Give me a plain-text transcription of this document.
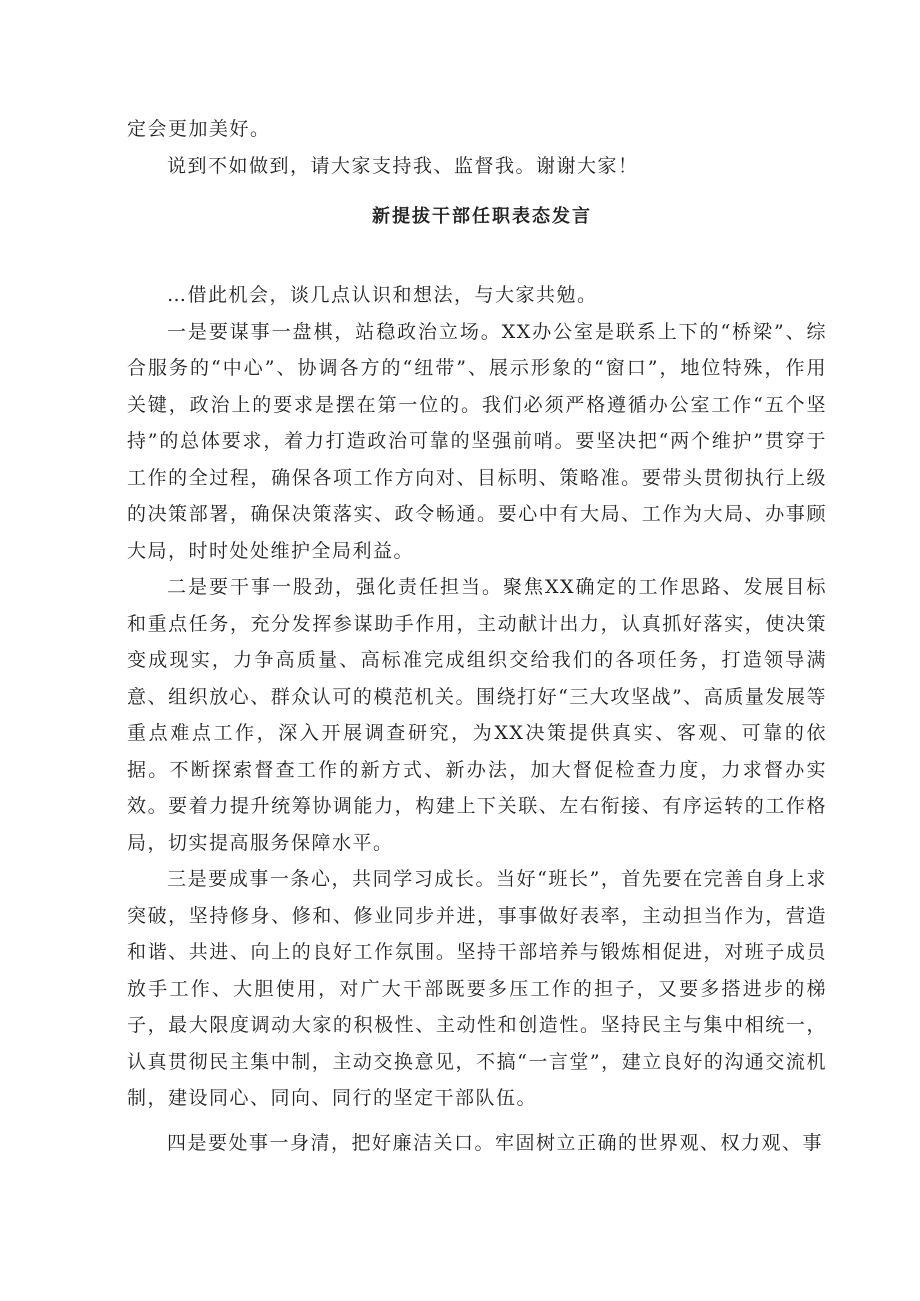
定会更加美好。

说到不如做到，请大家支持我、监督我。谢谢大家！

新提拔干部任职表态发言

…借此机会，谈几点认识和想法，与大家共勉。

一是要谋事一盘棋，站稳政治立场。XX办公室是联系上下的“桥梁”、综合服务的“中心”、协调各方的“纽带”、展示形象的“窗口”，地位特殊，作用关键，政治上的要求是摆在第一位的。我们必须严格遵循办公室工作“五个坚持”的总体要求，着力打造政治可靠的坚强前哨。要坚决把“两个维护”贯穿于工作的全过程，确保各项工作方向对、目标明、策略准。要带头贯彻执行上级的决策部署，确保决策落实、政令畅通。要心中有大局、工作为大局、办事顾大局，时时处处维护全局利益。

二是要干事一股劲，强化责任担当。聚焦XX确定的工作思路、发展目标和重点任务，充分发挥参谋助手作用，主动献计出力，认真抓好落实，使决策变成现实，力争高质量、高标准完成组织交给我们的各项任务，打造领导满意、组织放心、群众认可的模范机关。围绕打好“三大攻坚战”、高质量发展等重点难点工作，深入开展调查研究，为XX决策提供真实、客观、可靠的依据。不断探索督查工作的新方式、新办法，加大督促检查力度，力求督办实效。要着力提升统筹协调能力，构建上下关联、左右衔接、有序运转的工作格局，切实提高服务保障水平。

三是要成事一条心，共同学习成长。当好“班长”，首先要在完善自身上求突破，坚持修身、修和、修业同步并进，事事做好表率，主动担当作为，营造和谐、共进、向上的良好工作氛围。坚持干部培养与锻炼相促进，对班子成员放手工作、大胆使用，对广大干部既要多压工作的担子，又要多搭进步的梯子，最大限度调动大家的积极性、主动性和创造性。坚持民主与集中相统一，认真贯彻民主集中制，主动交换意见，不搞“一言堂”，建立良好的沟通交流机制，建设同心、同向、同行的坚定干部队伍。

四是要处事一身清，把好廉洁关口。牢固树立正确的世界观、权力观、事
